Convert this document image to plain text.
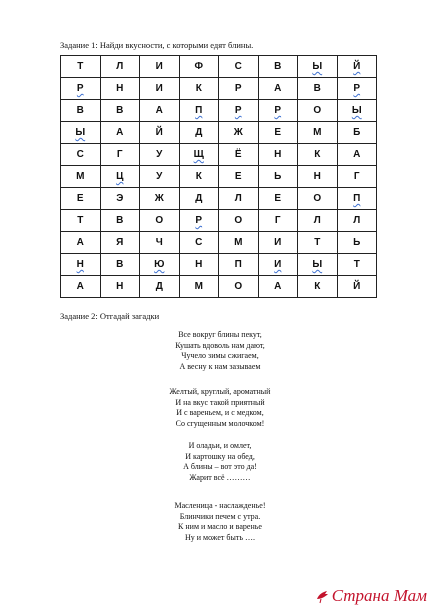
Задание 1: Найди вкусности, с которыми едят блины.
Т	Л	И	Ф	С	В	Ы	Й
Р	Н	И	К	Р	А	В	Р
В	В	А	П	Р	Р	О	Ы
Ы	А	Й	Д	Ж	Е	М	Б
С	Г	У	Щ	Ё	Н	К	А
М	Ц	У	К	Е	Ь	Н	Г
Е	Э	Ж	Д	Л	Е	О	П
Т	В	О	Р	О	Г	Л	Л
А	Я	Ч	С	М	И	Т	Ь
Н	В	Ю	Н	П	И	Ы	Т
А	Н	Д	М	О	А	К	Й
Задание 2: Отгадай загадки
Все вокруг блины пекут,
Кушать вдоволь нам дают,
Чучело зимы сжигаем,
А весну к нам зазываем
Желтый, круглый, ароматный
И на вкус такой приятный
И с вареньем, и с медком,
Со сгущенным молочком!
И оладьи, и омлет,
И картошку на обед,
А блины – вот это да!
Жарит всё ………
Масленица - наслажденье!
Блинчики печем с утра.
К ним и масло и варенье
Ну и может быть ….
Страна Мам
